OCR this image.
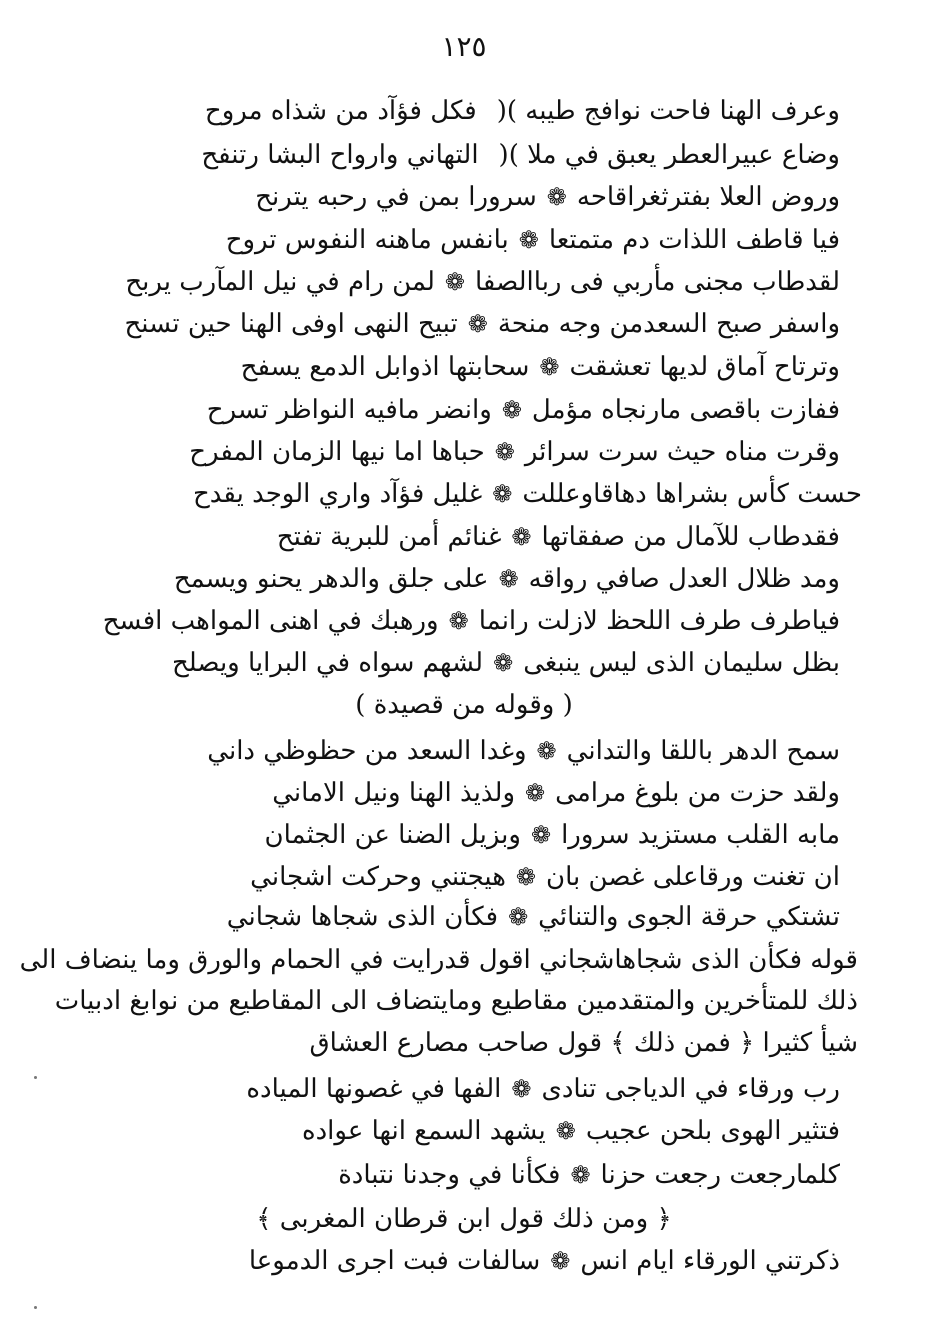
١٢٥
وعرف الهنا فاحت نوافج طيبه )(
فكل فؤآد من شذاه مروح
وضاع عبيرالعطر يعبق في ملا )(
التهاني وارواح البشا رتنفح
وروض العلا بفترثغراقاحه
❁
سرورا بمن في رحبه يترنح
فيا قاطف اللذات دم متمتعا
❁
بانفس ماهنه النفوس تروح
لقدطاب مجنى مأربي فى رباالصفا
❁
لمن رام في نيل المآرب يربح
واسفر صبح السعدمن وجه منحة
❁
تبيح النهى اوفى الهنا حين تسنح
وترتاح آماق لديها تعشقت
❁
سحابتها اذوابل الدمع يسفح
ففازت باقصى مارنجاه مؤمل
❁
وانضر مافيه النواظر تسرح
وقرت مناه حيث سرت سرائر
❁
حباها اما نيها الزمان المفرح
حست كأس بشراها دهاقاوعللت
❁
غليل فؤآد واري الوجد يقدح
فقدطاب للآمال من صفقاتها
❁
غنائم أمن للبرية تفتح
ومد ظلال العدل صافي رواقه
❁
على جلق والدهر يحنو ويسمح
فياطرف طرف اللحظ لازلت رانما
❁
ورهبك في اهنى المواهب افسح
بظل سليمان الذى ليس ينبغى
❁
لشهم سواه في البرايا ويصلح
( وقوله من قصيدة )
سمح الدهر باللقا والتداني
❁
وغدا السعد من حظوظي داني
ولقد حزت من بلوغ مرامى
❁
ولذيذ الهنا ونيل الاماني
مابه القلب مستزيد سرورا
❁
وبزيل الضنا عن الجثمان
ان تغنت ورقاعلى غصن بان
❁
هيجتني وحركت اشجاني
تشتكي حرقة الجوى والتنائي
❁
فكأن الذى شجاها شجاني
قوله فكأن الذى شجاهاشجاني اقول قدرايت في الحمام والورق وما ينضاف الى
ذلك للمتأخرين والمتقدمين مقاطيع ومايتضاف الى المقاطيع من نوابغ ادبيات
شيأ كثيرا ﴿ فمن ذلك ﴾ قول صاحب مصارع العشاق
رب ورقاء في الدياجى تنادى
❁
الفها في غصونها المياده
فتثير الهوى بلحن عجيب
❁
يشهد السمع انها عواده
كلمارجعت رجعت حزنا
❁
فكأنا في وجدنا نتبادة
﴿ ومن ذلك قول ابن قرطان المغربى ﴾
ذكرتني الورقاء ايام انس
❁
سالفات فبت اجرى الدموعا
